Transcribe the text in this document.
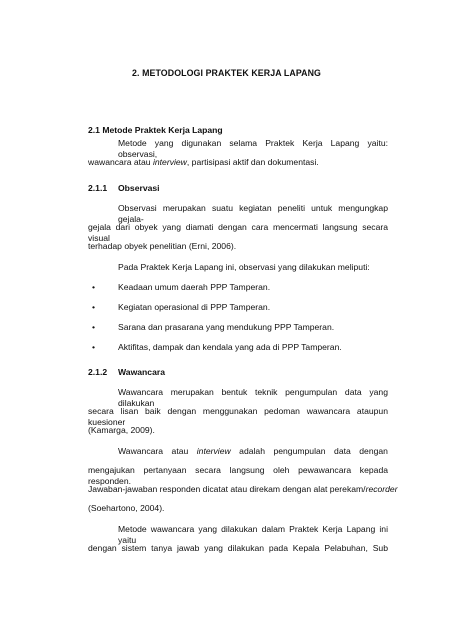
2. METODOLOGI PRAKTEK KERJA LAPANG
2.1 Metode Praktek Kerja Lapang
Metode yang digunakan selama Praktek Kerja Lapang yaitu: observasi,
wawancara atau interview, partisipasi aktif dan dokumentasi.
2.1.1 Observasi
Observasi merupakan suatu kegiatan peneliti untuk mengungkap gejala-
gejala dari obyek yang diamati dengan cara mencermati langsung secara visual
terhadap obyek penelitian (Erni, 2006).
Pada Praktek Kerja Lapang ini, observasi yang dilakukan meliputi:
•	Keadaan umum daerah PPP Tamperan.
•	Kegiatan operasional di PPP Tamperan.
•	Sarana dan prasarana yang mendukung PPP Tamperan.
•	Aktifitas, dampak dan kendala yang ada di PPP Tamperan.
2.1.2 Wawancara
Wawancara merupakan bentuk teknik pengumpulan data yang dilakukan
secara lisan baik dengan menggunakan pedoman wawancara ataupun kuesioner
(Kamarga, 2009).
Wawancara atau interview adalah pengumpulan data dengan
mengajukan pertanyaan secara langsung oleh pewawancara kepada responden.
Jawaban-jawaban responden dicatat atau direkam dengan alat perekam/recorder
(Soehartono, 2004).
Metode wawancara yang dilakukan dalam Praktek Kerja Lapang ini yaitu
dengan sistem tanya jawab yang dilakukan pada Kepala Pelabuhan, Sub
